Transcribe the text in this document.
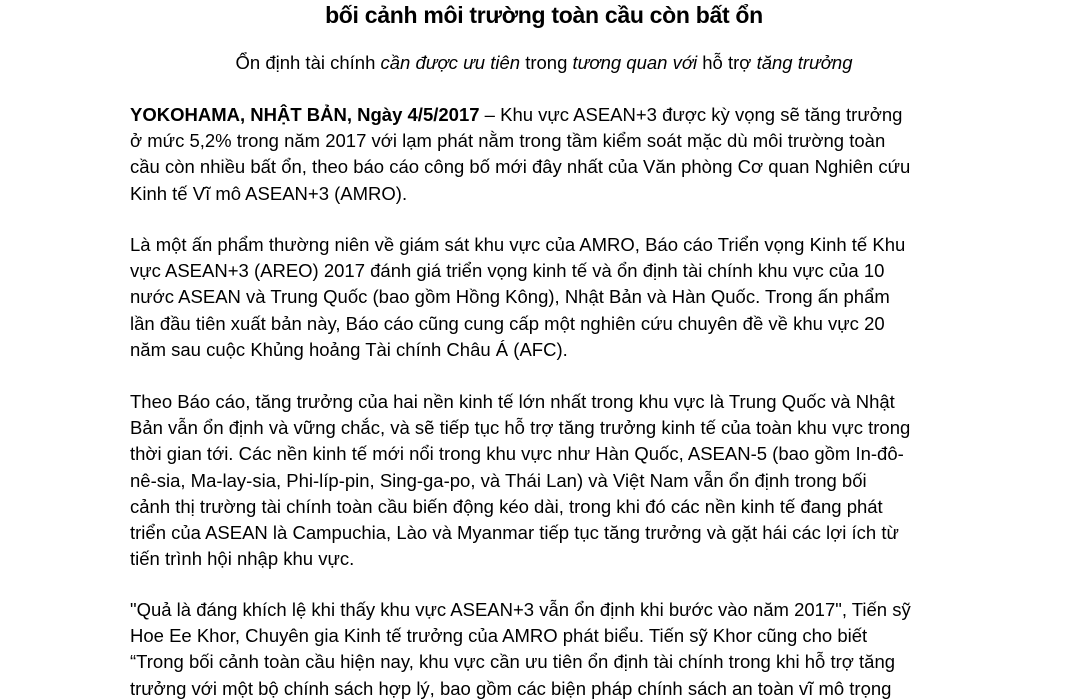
bối cảnh môi trường toàn cầu còn bất ổn
Ổn định tài chính cần được ưu tiên trong tương quan với hỗ trợ tăng trưởng
YOKOHAMA, NHẬT BẢN, Ngày 4/5/2017 – Khu vực ASEAN+3 được kỳ vọng sẽ tăng trưởng
ở mức 5,2% trong năm 2017 với lạm phát nằm trong tầm kiểm soát mặc dù môi trường toàn
cầu còn nhiều bất ổn, theo báo cáo công bố mới đây nhất của Văn phòng Cơ quan Nghiên cứu
Kinh tế Vĩ mô ASEAN+3 (AMRO).
Là một ấn phẩm thường niên về giám sát khu vực của AMRO, Báo cáo Triển vọng Kinh tế Khu
vực ASEAN+3 (AREO) 2017 đánh giá triển vọng kinh tế và ổn định tài chính khu vực của 10
nước ASEAN và Trung Quốc (bao gồm Hồng Kông), Nhật Bản và Hàn Quốc. Trong ấn phẩm
lần đầu tiên xuất bản này, Báo cáo cũng cung cấp một nghiên cứu chuyên đề về khu vực 20
năm sau cuộc Khủng hoảng Tài chính Châu Á (AFC).
Theo Báo cáo, tăng trưởng của hai nền kinh tế lớn nhất trong khu vực là Trung Quốc và Nhật
Bản vẫn ổn định và vững chắc, và sẽ tiếp tục hỗ trợ tăng trưởng kinh tế của toàn khu vực trong
thời gian tới. Các nền kinh tế mới nổi trong khu vực như Hàn Quốc, ASEAN-5 (bao gồm In-đô-
nê-sia, Ma-lay-sia, Phi-líp-pin, Sing-ga-po, và Thái Lan) và Việt Nam vẫn ổn định trong bối
cảnh thị trường tài chính toàn cầu biến động kéo dài, trong khi đó các nền kinh tế đang phát
triển của ASEAN là Campuchia, Lào và Myanmar tiếp tục tăng trưởng và gặt hái các lợi ích từ
tiến trình hội nhập khu vực.
"Quả là đáng khích lệ khi thấy khu vực ASEAN+3 vẫn ổn định khi bước vào năm 2017", Tiến sỹ
Hoe Ee Khor, Chuyên gia Kinh tế trưởng của AMRO phát biểu. Tiến sỹ Khor cũng cho biết
“Trong bối cảnh toàn cầu hiện nay, khu vực cần ưu tiên ổn định tài chính trong khi hỗ trợ tăng
trưởng với một bộ chính sách hợp lý, bao gồm các biện pháp chính sách an toàn vĩ mô trọng
